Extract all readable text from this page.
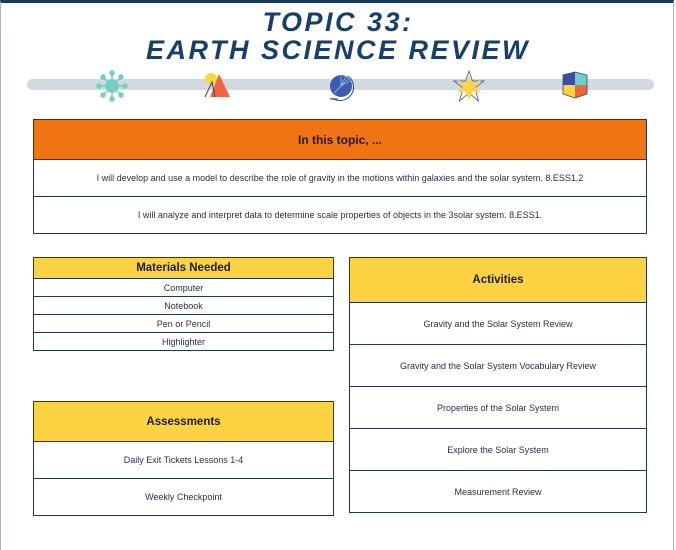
TOPIC 33:
EARTH SCIENCE REVIEW
In this topic, ...
I will develop and use a model to describe the role of gravity in the motions within galaxies and the solar system. 8.ESS1.2
I will analyze and interpret data to determine scale properties of objects in the 3solar system. 8.ESS1.
Materials Needed
Computer
Notebook
Pen or Pencil
Highlighter
Assessments
Daily Exit Tickets Lessons 1-4
Weekly Checkpoint
Activities
Gravity and the Solar System Review
Gravity and the Solar System Vocabulary Review
Properties of the Solar System
Explore the Solar System
Measurement Review
